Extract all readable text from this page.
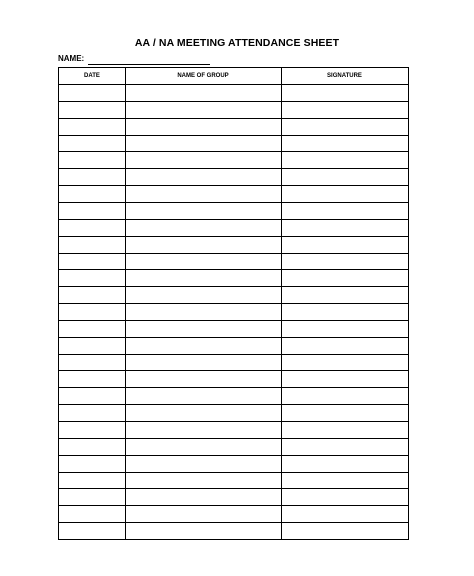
AA / NA MEETING ATTENDANCE SHEET
NAME:
DATE	NAME OF GROUP	SIGNATURE
